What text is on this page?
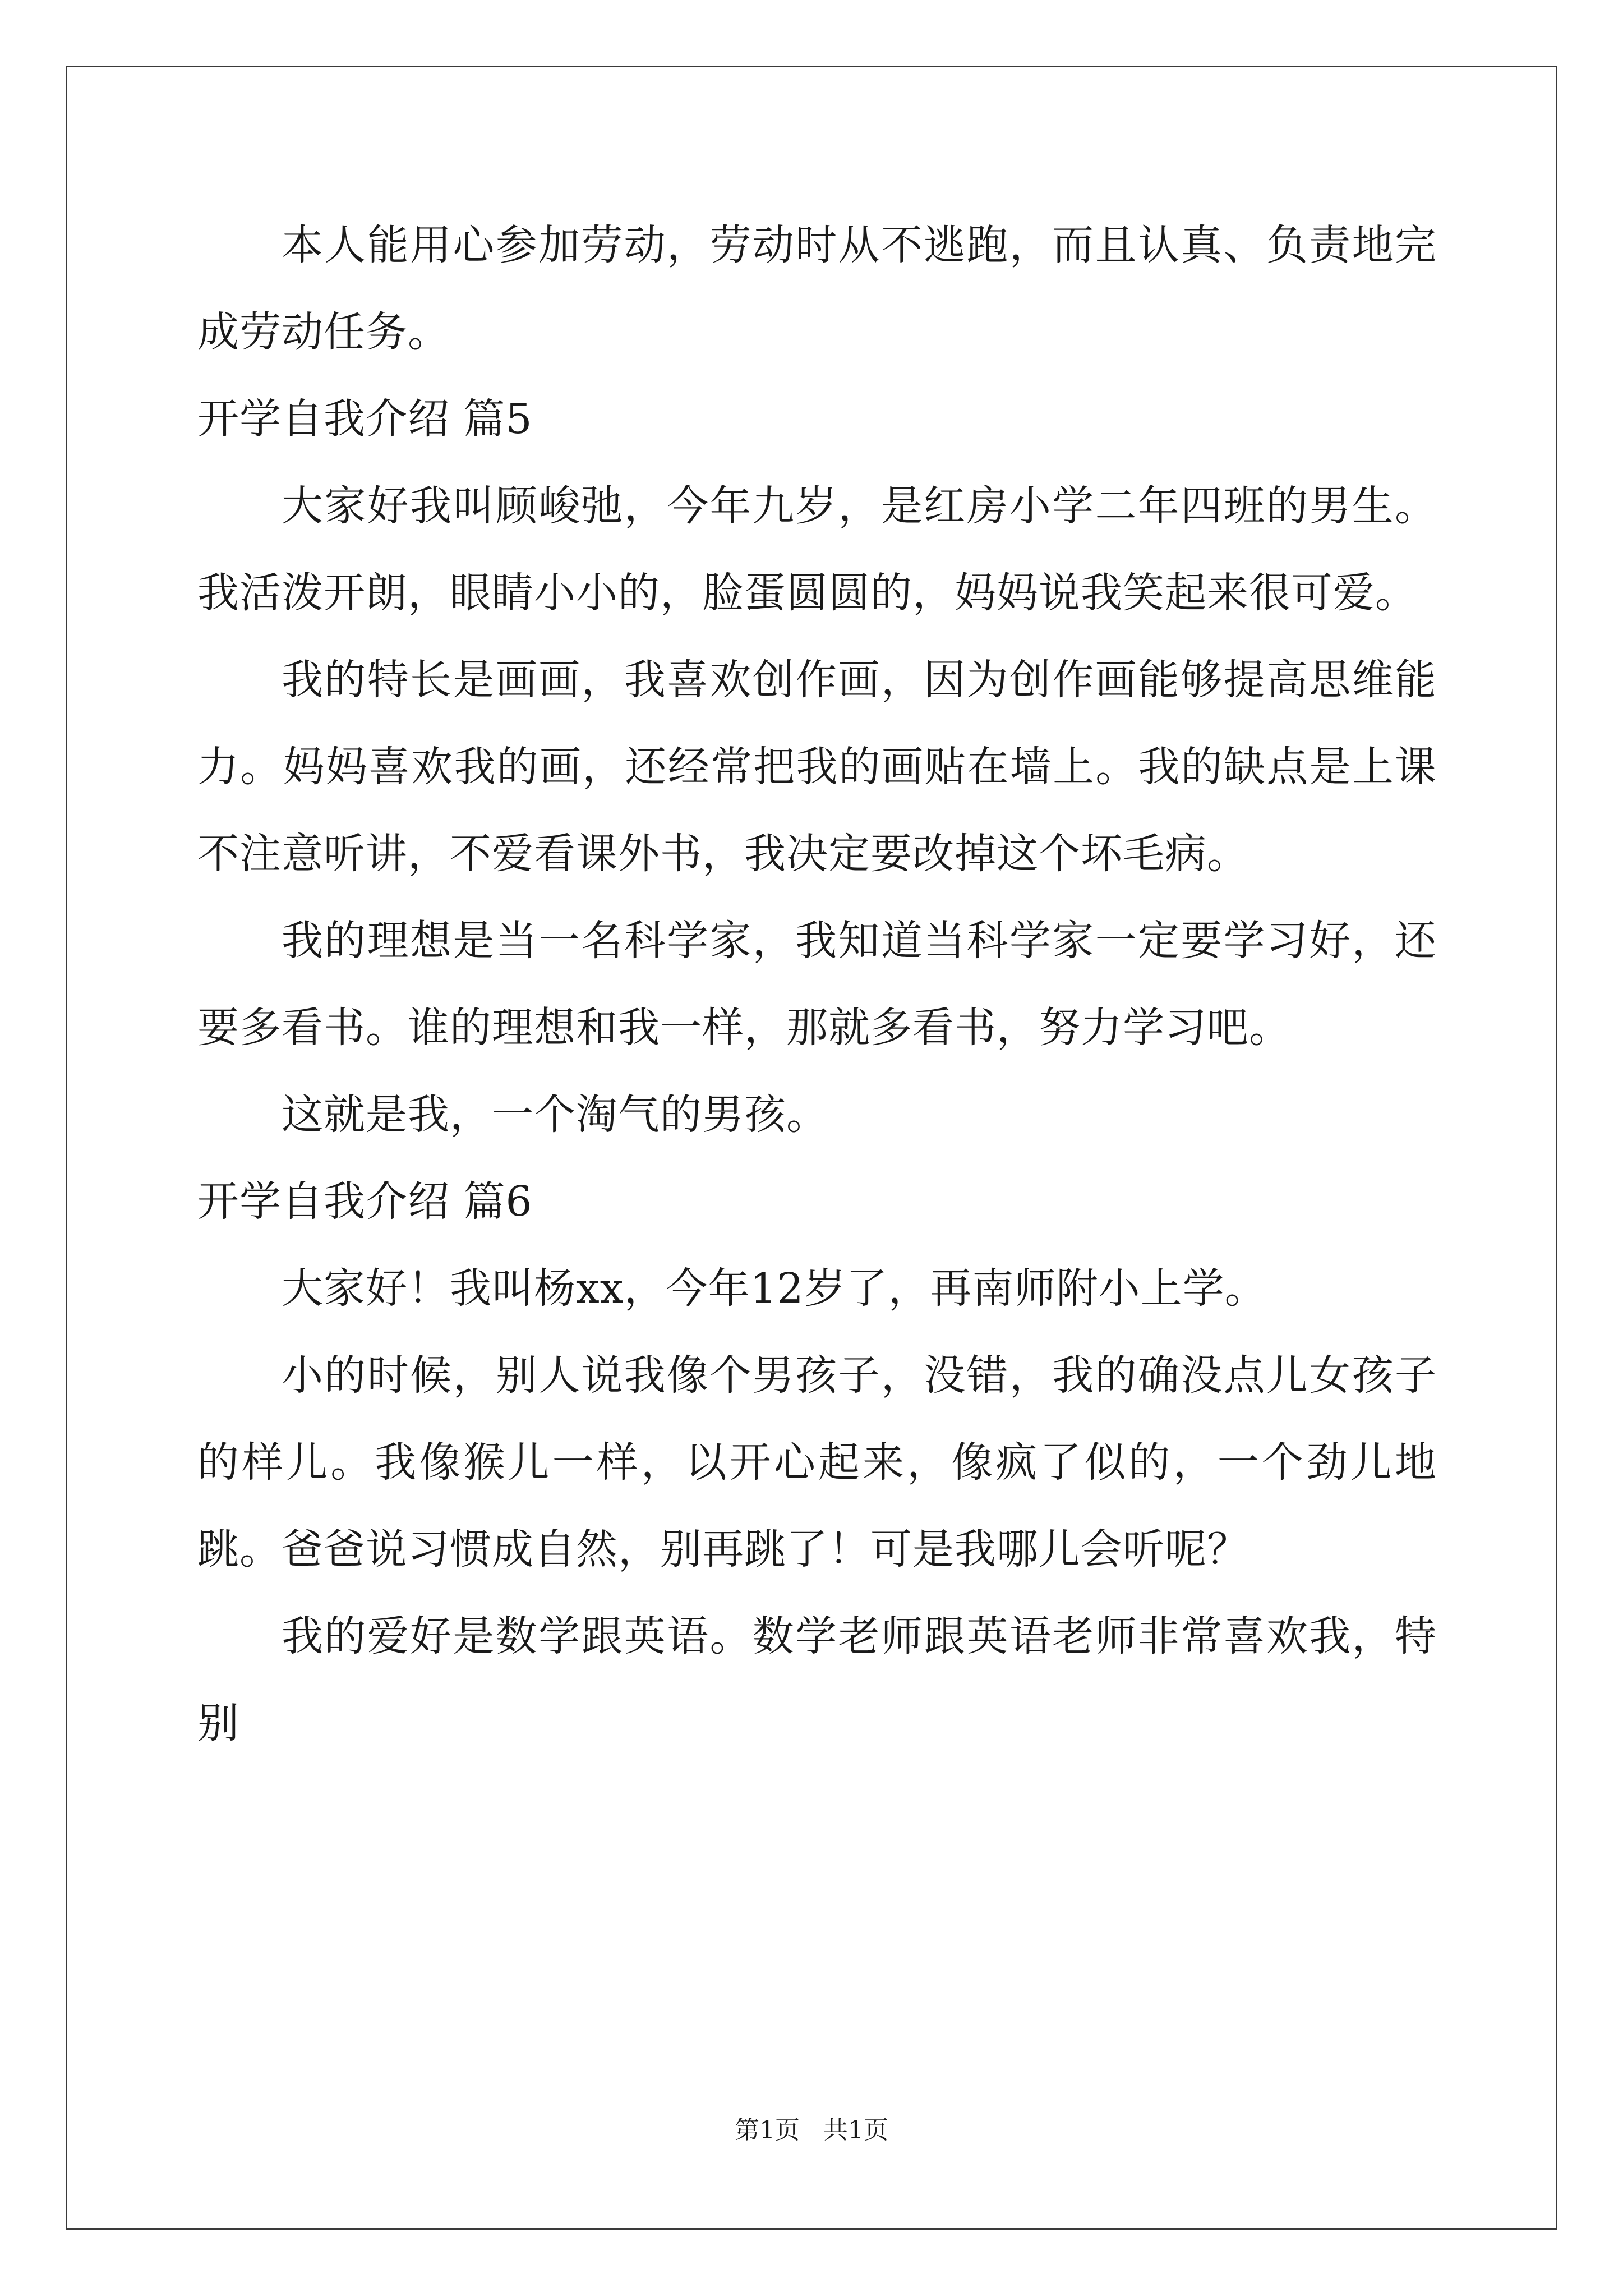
本人能用心参加劳动，劳动时从不逃跑，而且认真、负责地完成劳动任务。

开学自我介绍 篇5

大家好我叫顾峻弛，今年九岁，是红房小学二年四班的男生。我活泼开朗，眼睛小小的，脸蛋圆圆的，妈妈说我笑起来很可爱。

我的特长是画画，我喜欢创作画，因为创作画能够提高思维能力。妈妈喜欢我的画，还经常把我的画贴在墙上。我的缺点是上课不注意听讲，不爱看课外书，我决定要改掉这个坏毛病。

我的理想是当一名科学家，我知道当科学家一定要学习好，还要多看书。谁的理想和我一样，那就多看书，努力学习吧。

这就是我，一个淘气的男孩。

开学自我介绍 篇6

大家好！我叫杨xx，今年12岁了，再南师附小上学。

小的时候，别人说我像个男孩子，没错，我的确没点儿女孩子的样儿。我像猴儿一样，以开心起来，像疯了似的，一个劲儿地跳。爸爸说习惯成自然，别再跳了！可是我哪儿会听呢？

我的爱好是数学跟英语。数学老师跟英语老师非常喜欢我，特别

第1页 共1页
